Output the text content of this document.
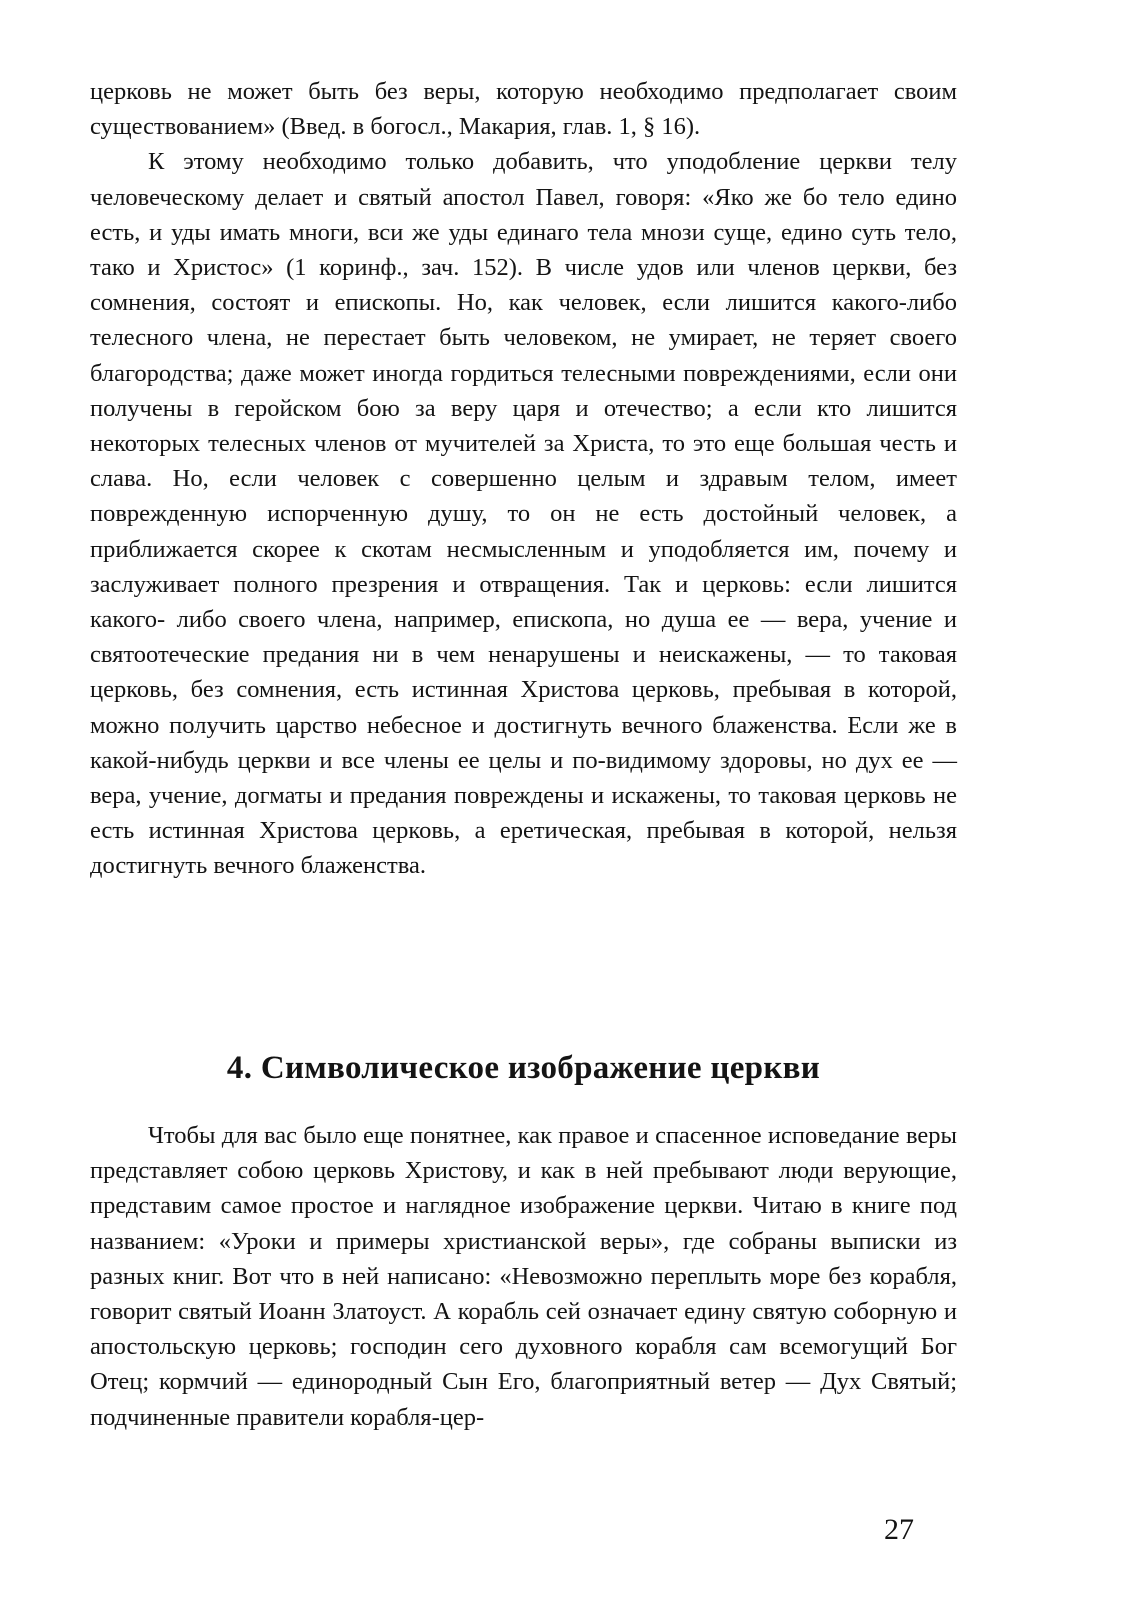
церковь не может быть без веры, которую необходимо предполагает своим существованием» (Введ. в богосл., Макария, глав. 1, § 16).

К этому необходимо только добавить, что уподобление церкви телу человеческому делает и святый апостол Павел, говоря: «Яко же бо тело едино есть, и уды имать многи, вси же уды единаго тела мнози суще, едино суть тело, тако и Христос» (1 коринф., зач. 152). В числе удов или членов церкви, без сомнения, состоят и епископы. Но, как человек, если лишится какого-либо телесного члена, не перестает быть человеком, не умирает, не теряет своего благородства; даже может иногда гордиться телесными повреждениями, если они получены в геройском бою за веру царя и отечество; а если кто лишится некоторых телесных членов от мучителей за Христа, то это еще большая честь и слава. Но, если человек с совершенно целым и здравым телом, имеет поврежденную испорченную душу, то он не есть достойный человек, а приближается скорее к скотам несмысленным и уподобляется им, почему и заслуживает полного презрения и отвращения. Так и церковь: если лишится какого- либо своего члена, например, епископа, но душа ее — вера, учение и святоотеческие предания ни в чем ненарушены и неискажены, — то таковая церковь, без сомнения, есть истинная Христова церковь, пребывая в которой, можно получить царство небесное и достигнуть вечного блаженства. Если же в какой-нибудь церкви и все члены ее целы и по-видимому здоровы, но дух ее — вера, учение, догматы и предания повреждены и искажены, то таковая церковь не есть истинная Христова церковь, а еретическая, пребывая в которой, нельзя достигнуть вечного блаженства.

4. Символическое изображение церкви

Чтобы для вас было еще понятнее, как правое и спасенное исповедание веры представляет собою церковь Христову, и как в ней пребывают люди верующие, представим самое простое и наглядное изображение церкви. Читаю в книге под названием: «Уроки и примеры христианской веры», где собраны выписки из разных книг. Вот что в ней написано: «Невозможно переплыть море без корабля, говорит святый Иоанн Златоуст. А корабль сей означает едину святую соборную и апостольскую церковь; господин сего духовного корабля сам всемогущий Бог Отец; кормчий — единородный Сын Его, благоприятный ветер — Дух Святый; подчиненные правители корабля-цер-

27
